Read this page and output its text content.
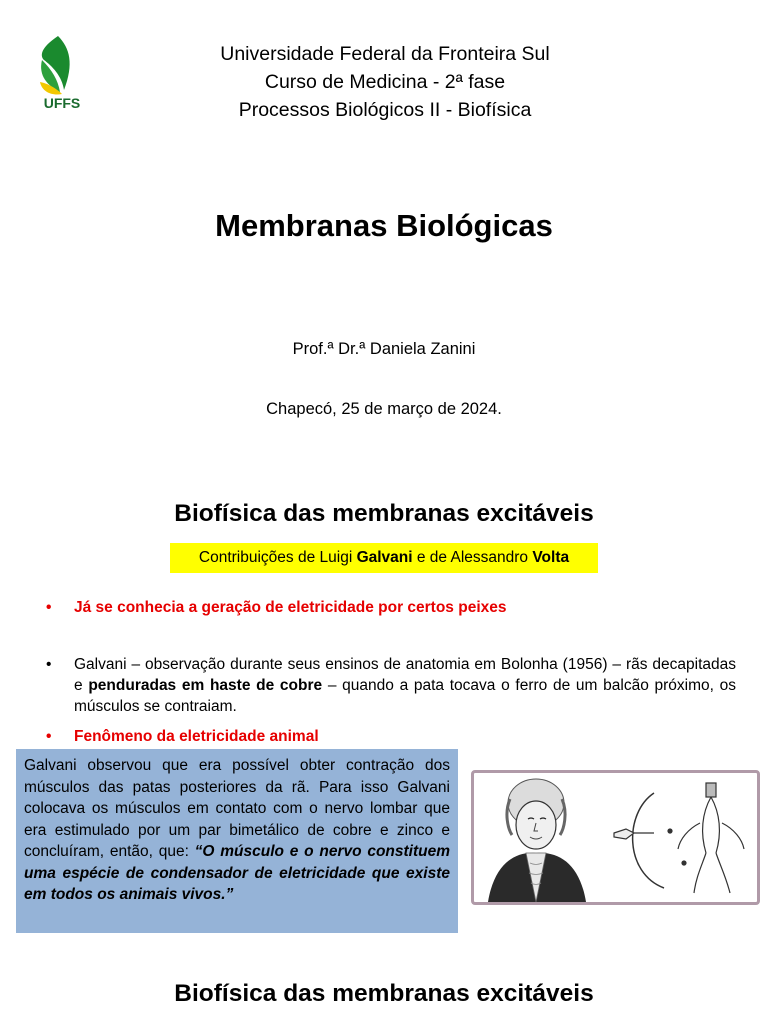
UFFS
Universidade Federal da Fronteira Sul
Curso de Medicina - 2ª fase
Processos Biológicos II - Biofísica
Membranas Biológicas
Prof.ª Dr.ª Daniela Zanini
Chapecó, 25 de março de 2024.
Biofísica das membranas excitáveis
Contribuições de Luigi Galvani e de Alessandro Volta
• Já se conhecia a geração de eletricidade por certos peixes
• Galvani – observação durante seus ensinos de anatomia em Bolonha (1956) – rãs decapitadas e penduradas em haste de cobre – quando a pata tocava o ferro de um balcão próximo, os músculos se contraiam.
• Fenômeno da eletricidade animal
Galvani observou que era possível obter contração dos músculos das patas posteriores da rã. Para isso Galvani colocava os músculos em contato com o nervo lombar que era estimulado por um par bimetálico de cobre e zinco e concluíram, então, que: “O músculo e o nervo constituem uma espécie de condensador de eletricidade que existe em todos os animais vivos.”
Biofísica das membranas excitáveis
